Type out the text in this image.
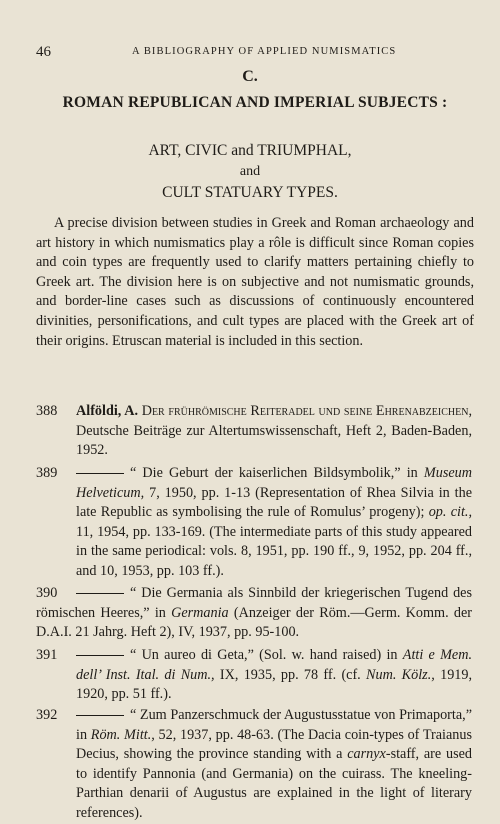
46	A BIBLIOGRAPHY OF APPLIED NUMISMATICS
C.
ROMAN REPUBLICAN AND IMPERIAL SUBJECTS :
ART, CIVIC and TRIUMPHAL,
and
CULT STATUARY TYPES.

A precise division between studies in Greek and Roman archaeology and art history in which numismatics play a rôle is difficult since Roman copies and coin types are frequently used to clarify matters pertaining chiefly to Greek art. The division here is on subjective and not numismatic grounds, and border-line cases such as discussions of continuously encountered divinities, personifications, and cult types are placed with the Greek art of their origins. Etruscan material is included in this section.

388 Alföldi, A. Der frührömische Reiteradel und seine Ehrenabzeichen, Deutsche Beiträge zur Altertumswissenschaft, Heft 2, Baden-Baden, 1952.
389	“ Die Geburt der kaiserlichen Bildsymbolik,” in Museum Helveticum, 7, 1950, pp. 1-13 (Representation of Rhea Silvia in the late Republic as symbolising the rule of Romulus’ progeny); op. cit., 11, 1954, pp. 133-169. (The intermediate parts of this study appeared in the same periodical: vols. 8, 1951, pp. 190 ff., 9, 1952, pp. 204 ff., and 10, 1953, pp. 103 ff.).
390	“ Die Germania als Sinnbild der kriegerischen Tugend des römischen Heeres,” in Germania (Anzeiger der Röm.—Germ. Komm. der D.A.I. 21 Jahrg. Heft 2), IV, 1937, pp. 95-100.
391	“ Un aureo di Geta,” (Sol. w. hand raised) in Atti e Mem. dell’ Inst. Ital. di Num., IX, 1935, pp. 78 ff. (cf. Num. Kölz., 1919, 1920, pp. 51 ff.).
392	“ Zum Panzerschmuck der Augustusstatue von Primaporta,” in Röm. Mitt., 52, 1937, pp. 48-63. (The Dacia coin-types of Traianus Decius, showing the province standing with a carnyx-staff, are used to identify Pannonia (and Germania) on the cuirass. The kneeling-Parthian denarii of Augustus are explained in the light of literary references).
